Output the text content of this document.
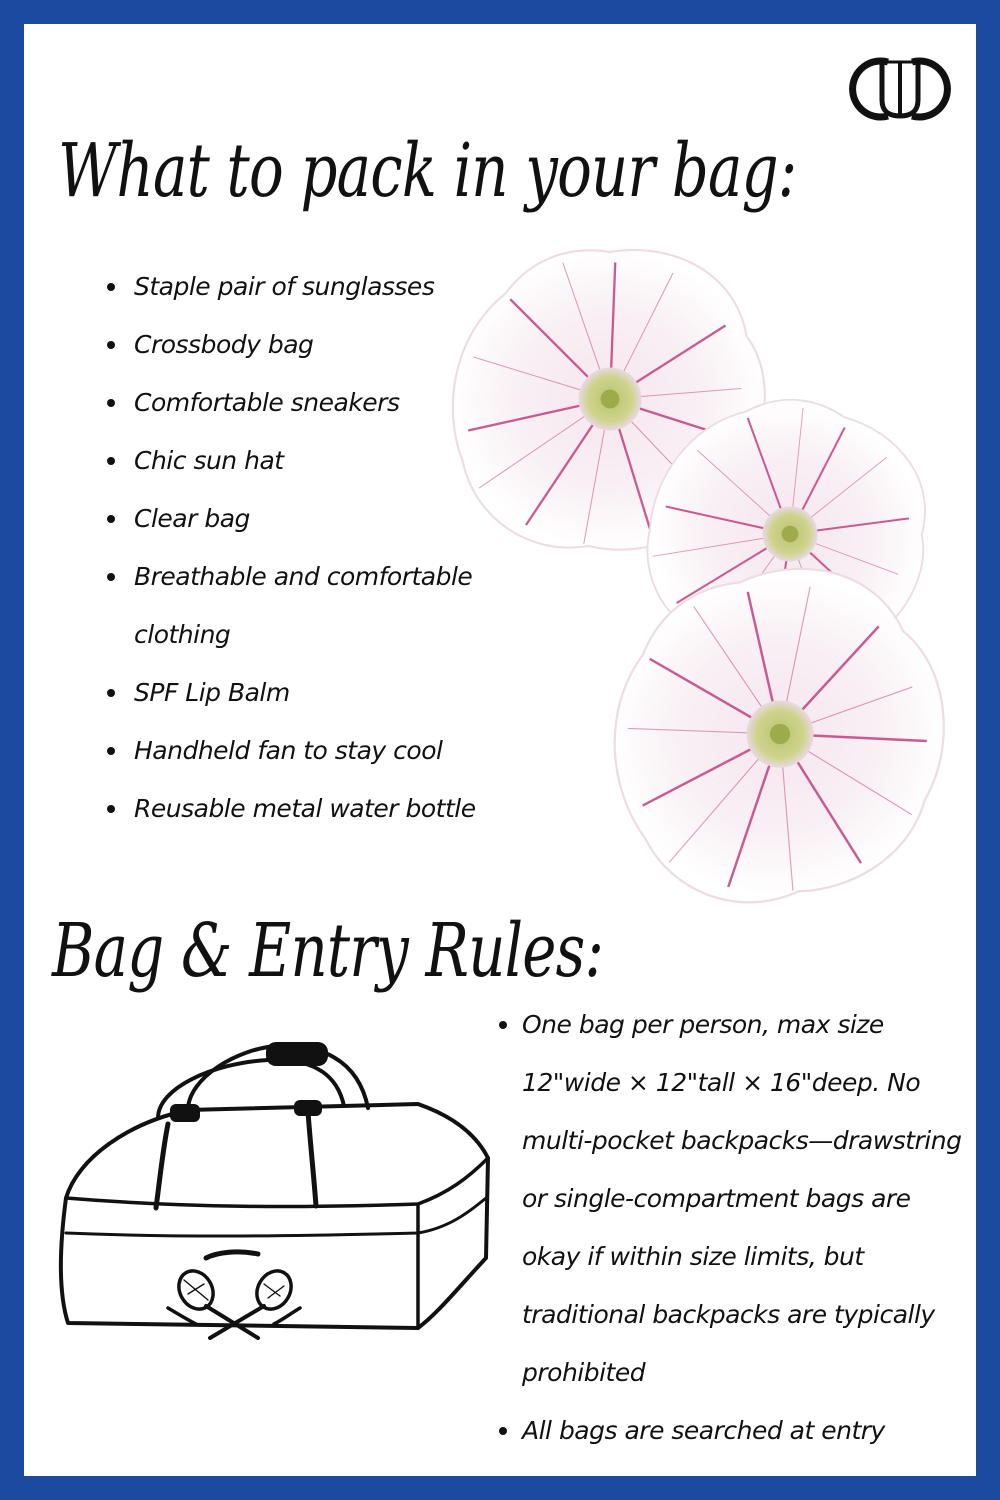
What to pack in your bag:
Staple pair of sunglasses
Crossbody bag
Comfortable sneakers
Chic sun hat
Clear bag
Breathable and comfortable clothing
SPF Lip Balm
Handheld fan to stay cool
Reusable metal water bottle
Bag & Entry Rules:
One bag per person, max size 12"wide × 12"tall × 16"deep. No multi-pocket backpacks—drawstring or single-compartment bags are okay if within size limits, but traditional backpacks are typically prohibited
All bags are searched at entry
